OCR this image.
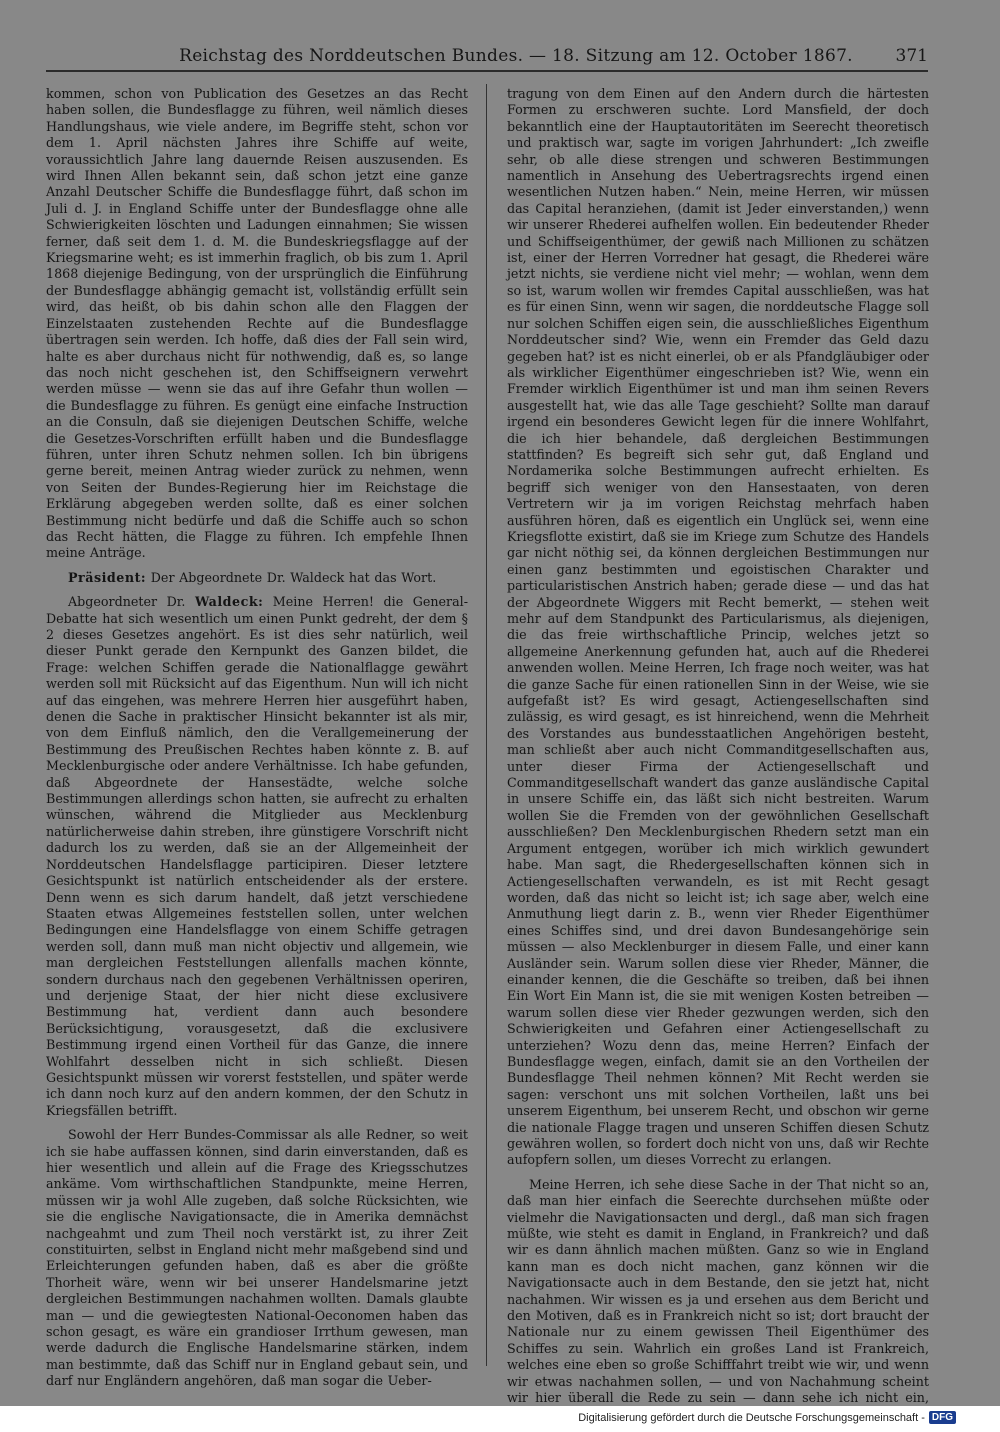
Reichstag des Norddeutschen Bundes. — 18. Sitzung am 12. October 1867.	371

kommen, schon von Publication des Gesetzes an das Recht haben sollen, die Bundesflagge zu führen, weil nämlich dieses Handlungshaus, wie viele andere, im Begriffe steht, schon vor dem 1. April nächsten Jahres ihre Schiffe auf weite, voraussichtlich Jahre lang dauernde Reisen auszusenden. Es wird Ihnen Allen bekannt sein, daß schon jetzt eine ganze Anzahl Deutscher Schiffe die Bundesflagge führt, daß schon im Juli d. J. in England Schiffe unter der Bundesflagge ohne alle Schwierigkeiten löschten und Ladungen einnahmen; Sie wissen ferner, daß seit dem 1. d. M. die Bundeskriegsflagge auf der Kriegsmarine weht; es ist immerhin fraglich, ob bis zum 1. April 1868 diejenige Bedingung, von der ursprünglich die Einführung der Bundesflagge abhängig gemacht ist, vollständig erfüllt sein wird, das heißt, ob bis dahin schon alle den Flaggen der Einzelstaaten zustehenden Rechte auf die Bundesflagge übertragen sein werden. Ich hoffe, daß dies der Fall sein wird, halte es aber durchaus nicht für nothwendig, daß es, so lange das noch nicht geschehen ist, den Schiffseignern verwehrt werden müsse — wenn sie das auf ihre Gefahr thun wollen — die Bundesflagge zu führen. Es genügt eine einfache Instruction an die Consuln, daß sie diejenigen Deutschen Schiffe, welche die Gesetzes-Vorschriften erfüllt haben und die Bundesflagge führen, unter ihren Schutz nehmen sollen. Ich bin übrigens gerne bereit, meinen Antrag wieder zurück zu nehmen, wenn von Seiten der Bundes-Regierung hier im Reichstage die Erklärung abgegeben werden sollte, daß es einer solchen Bestimmung nicht bedürfe und daß die Schiffe auch so schon das Recht hätten, die Flagge zu führen. Ich empfehle Ihnen meine Anträge.

Präsident: Der Abgeordnete Dr. Waldeck hat das Wort.

Abgeordneter Dr. Waldeck: Meine Herren! die General-Debatte hat sich wesentlich um einen Punkt gedreht, der dem § 2 dieses Gesetzes angehört. Es ist dies sehr natürlich, weil dieser Punkt gerade den Kernpunkt des Ganzen bildet, die Frage: welchen Schiffen gerade die Nationalflagge gewährt werden soll mit Rücksicht auf das Eigenthum. Nun will ich nicht auf das eingehen, was mehrere Herren hier ausgeführt haben, denen die Sache in praktischer Hinsicht bekannter ist als mir, von dem Einfluß nämlich, den die Verallgemeinerung der Bestimmung des Preußischen Rechtes haben könnte z. B. auf Mecklenburgische oder andere Verhältnisse. Ich habe gefunden, daß Abgeordnete der Hansestädte, welche solche Bestimmungen allerdings schon hatten, sie aufrecht zu erhalten wünschen, während die Mitglieder aus Mecklenburg natürlicherweise dahin streben, ihre günstigere Vorschrift nicht dadurch los zu werden, daß sie an der Allgemeinheit der Norddeutschen Handelsflagge participiren. Dieser letztere Gesichtspunkt ist natürlich entscheidender als der erstere. Denn wenn es sich darum handelt, daß jetzt verschiedene Staaten etwas Allgemeines feststellen sollen, unter welchen Bedingungen eine Handelsflagge von einem Schiffe getragen werden soll, dann muß man nicht objectiv und allgemein, wie man dergleichen Feststellungen allenfalls machen könnte, sondern durchaus nach den gegebenen Verhältnissen operiren, und derjenige Staat, der hier nicht diese exclusivere Bestimmung hat, verdient dann auch besondere Berücksichtigung, vorausgesetzt, daß die exclusivere Bestimmung irgend einen Vortheil für das Ganze, die innere Wohlfahrt desselben nicht in sich schließt. Diesen Gesichtspunkt müssen wir vorerst feststellen, und später werde ich dann noch kurz auf den andern kommen, der den Schutz in Kriegsfällen betrifft.

Sowohl der Herr Bundes-Commissar als alle Redner, so weit ich sie habe auffassen können, sind darin einverstanden, daß es hier wesentlich und allein auf die Frage des Kriegsschutzes ankäme. Vom wirthschaftlichen Standpunkte, meine Herren, müssen wir ja wohl Alle zugeben, daß solche Rücksichten, wie sie die englische Navigationsacte, die in Amerika demnächst nachgeahmt und zum Theil noch verstärkt ist, zu ihrer Zeit constituirten, selbst in England nicht mehr maßgebend sind und Erleichterungen gefunden haben, daß es aber die größte Thorheit wäre, wenn wir bei unserer Handelsmarine jetzt dergleichen Bestimmungen nachahmen wollten. Damals glaubte man — und die gewiegtesten National-Oeconomen haben das schon gesagt, es wäre ein grandioser Irrthum gewesen, man werde dadurch die Englische Handelsmarine stärken, indem man bestimmte, daß das Schiff nur in England gebaut sein, und darf nur Engländern angehören, daß man sogar die Ueber-

tragung von dem Einen auf den Andern durch die härtesten Formen zu erschweren suchte. Lord Mansfield, der doch bekanntlich eine der Hauptautoritäten im Seerecht theoretisch und praktisch war, sagte im vorigen Jahrhundert: „Ich zweifle sehr, ob alle diese strengen und schweren Bestimmungen namentlich in Ansehung des Uebertragsrechts irgend einen wesentlichen Nutzen haben.“ Nein, meine Herren, wir müssen das Capital heranziehen, (damit ist Jeder einverstanden,) wenn wir unserer Rhederei aufhelfen wollen. Ein bedeutender Rheder und Schiffseigenthümer, der gewiß nach Millionen zu schätzen ist, einer der Herren Vorredner hat gesagt, die Rhederei wäre jetzt nichts, sie verdiene nicht viel mehr; — wohlan, wenn dem so ist, warum wollen wir fremdes Capital ausschließen, was hat es für einen Sinn, wenn wir sagen, die norddeutsche Flagge soll nur solchen Schiffen eigen sein, die ausschließliches Eigenthum Norddeutscher sind? Wie, wenn ein Fremder das Geld dazu gegeben hat? ist es nicht einerlei, ob er als Pfandgläubiger oder als wirklicher Eigenthümer eingeschrieben ist? Wie, wenn ein Fremder wirklich Eigenthümer ist und man ihm seinen Revers ausgestellt hat, wie das alle Tage geschieht? Sollte man darauf irgend ein besonderes Gewicht legen für die innere Wohlfahrt, die ich hier behandele, daß dergleichen Bestimmungen stattfinden? Es begreift sich sehr gut, daß England und Nordamerika solche Bestimmungen aufrecht erhielten. Es begriff sich weniger von den Hansestaaten, von deren Vertretern wir ja im vorigen Reichstag mehrfach haben ausführen hören, daß es eigentlich ein Unglück sei, wenn eine Kriegsflotte existirt, daß sie im Kriege zum Schutze des Handels gar nicht nöthig sei, da können dergleichen Bestimmungen nur einen ganz bestimmten und egoistischen Charakter und particularistischen Anstrich haben; gerade diese — und das hat der Abgeordnete Wiggers mit Recht bemerkt, — stehen weit mehr auf dem Standpunkt des Particularismus, als diejenigen, die das freie wirthschaftliche Princip, welches jetzt so allgemeine Anerkennung gefunden hat, auch auf die Rhederei anwenden wollen. Meine Herren, Ich frage noch weiter, was hat die ganze Sache für einen rationellen Sinn in der Weise, wie sie aufgefaßt ist? Es wird gesagt, Actiengesellschaften sind zulässig, es wird gesagt, es ist hinreichend, wenn die Mehrheit des Vorstandes aus bundesstaatlichen Angehörigen besteht, man schließt aber auch nicht Commanditgesellschaften aus, unter dieser Firma der Actiengesellschaft und Commanditgesellschaft wandert das ganze ausländische Capital in unsere Schiffe ein, das läßt sich nicht bestreiten. Warum wollen Sie die Fremden von der gewöhnlichen Gesellschaft ausschließen? Den Mecklenburgischen Rhedern setzt man ein Argument entgegen, worüber ich mich wirklich gewundert habe. Man sagt, die Rhedergesellschaften können sich in Actiengesellschaften verwandeln, es ist mit Recht gesagt worden, daß das nicht so leicht ist; ich sage aber, welch eine Anmuthung liegt darin z. B., wenn vier Rheder Eigenthümer eines Schiffes sind, und drei davon Bundesangehörige sein müssen — also Mecklenburger in diesem Falle, und einer kann Ausländer sein. Warum sollen diese vier Rheder, Männer, die einander kennen, die die Geschäfte so treiben, daß bei ihnen Ein Wort Ein Mann ist, die sie mit wenigen Kosten betreiben — warum sollen diese vier Rheder gezwungen werden, sich den Schwierigkeiten und Gefahren einer Actiengesellschaft zu unterziehen? Wozu denn das, meine Herren? Einfach der Bundesflagge wegen, einfach, damit sie an den Vortheilen der Bundesflagge Theil nehmen können? Mit Recht werden sie sagen: verschont uns mit solchen Vortheilen, laßt uns bei unserem Eigenthum, bei unserem Recht, und obschon wir gerne die nationale Flagge tragen und unseren Schiffen diesen Schutz gewähren wollen, so fordert doch nicht von uns, daß wir Rechte aufopfern sollen, um dieses Vorrecht zu erlangen.

Meine Herren, ich sehe diese Sache in der That nicht so an, daß man hier einfach die Seerechte durchsehen müßte oder vielmehr die Navigationsacten und dergl., daß man sich fragen müßte, wie steht es damit in England, in Frankreich? und daß wir es dann ähnlich machen müßten. Ganz so wie in England kann man es doch nicht machen, ganz können wir die Navigationsacte auch in dem Bestande, den sie jetzt hat, nicht nachahmen. Wir wissen es ja und ersehen aus dem Bericht und den Motiven, daß es in Frankreich nicht so ist; dort braucht der Nationale nur zu einem gewissen Theil Eigenthümer des Schiffes zu sein. Wahrlich ein großes Land ist Frankreich, welches eine eben so große Schifffahrt treibt wie wir, und wenn wir etwas nachahmen sollen, — und von Nachahmung scheint wir hier überall die Rede zu sein — dann sehe ich nicht ein,

Digitalisierung gefördert durch die Deutsche Forschungsgemeinschaft - DFG
